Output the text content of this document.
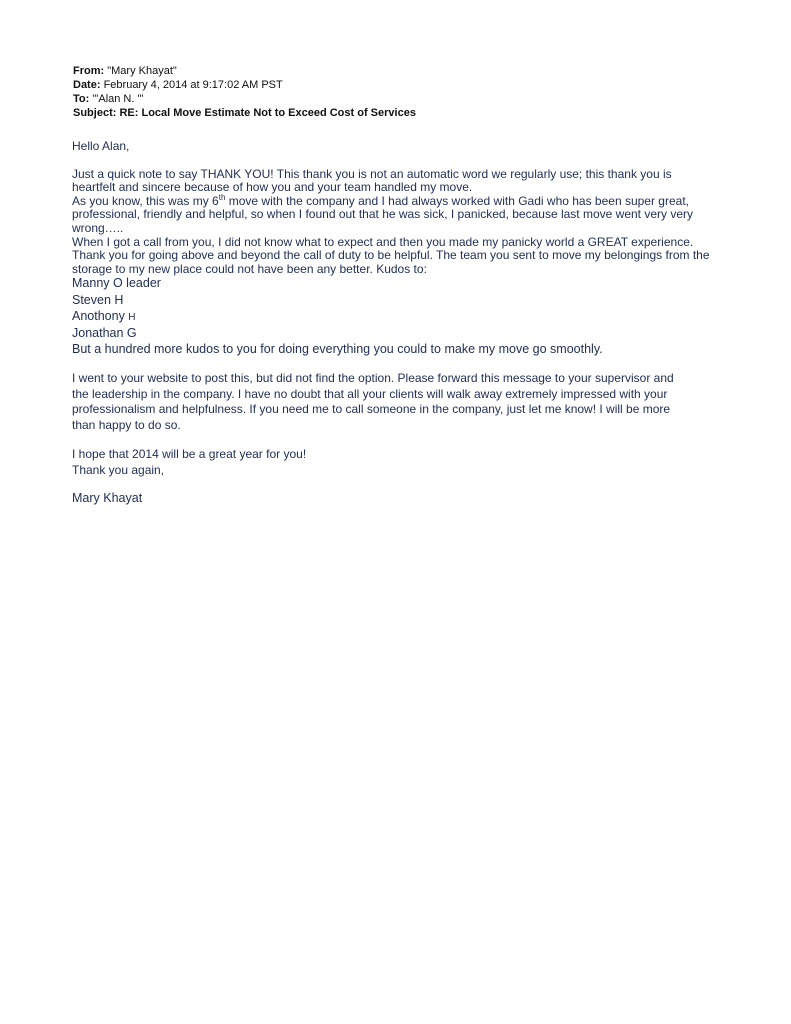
From: "Mary Khayat"
Date: February 4, 2014 at 9:17:02 AM PST
To: "'Alan N. '"
Subject: RE: Local Move Estimate Not to Exceed Cost of Services

Hello Alan,

Just a quick note to say THANK YOU! This thank you is not an automatic word we regularly use; this thank you is

heartfelt and sincere because of how you and your team handled my move.

As you know, this was my 6th move with the company and I had always worked with Gadi who has been super great,

professional, friendly and helpful, so when I found out that he was sick, I panicked, because last move went very very

wrong…..

When I got a call from you, I did not know what to expect and then you made my panicky world a GREAT experience.

Thank you for going above and beyond the call of duty to be helpful. The team you sent to move my belongings from the

storage to my new place could not have been any better. Kudos to:

Manny O leader

Steven H

Anothony H

Jonathan G

But a hundred more kudos to you for doing everything you could to make my move go smoothly.

I went to your website to post this, but did not find the option. Please forward this message to your supervisor and

the leadership in the company. I have no doubt that all your clients will walk away extremely impressed with your

professionalism and helpfulness. If you need me to call someone in the company, just let me know! I will be more

than happy to do so.

I hope that 2014 will be a great year for you!

Thank you again,

Mary Khayat
